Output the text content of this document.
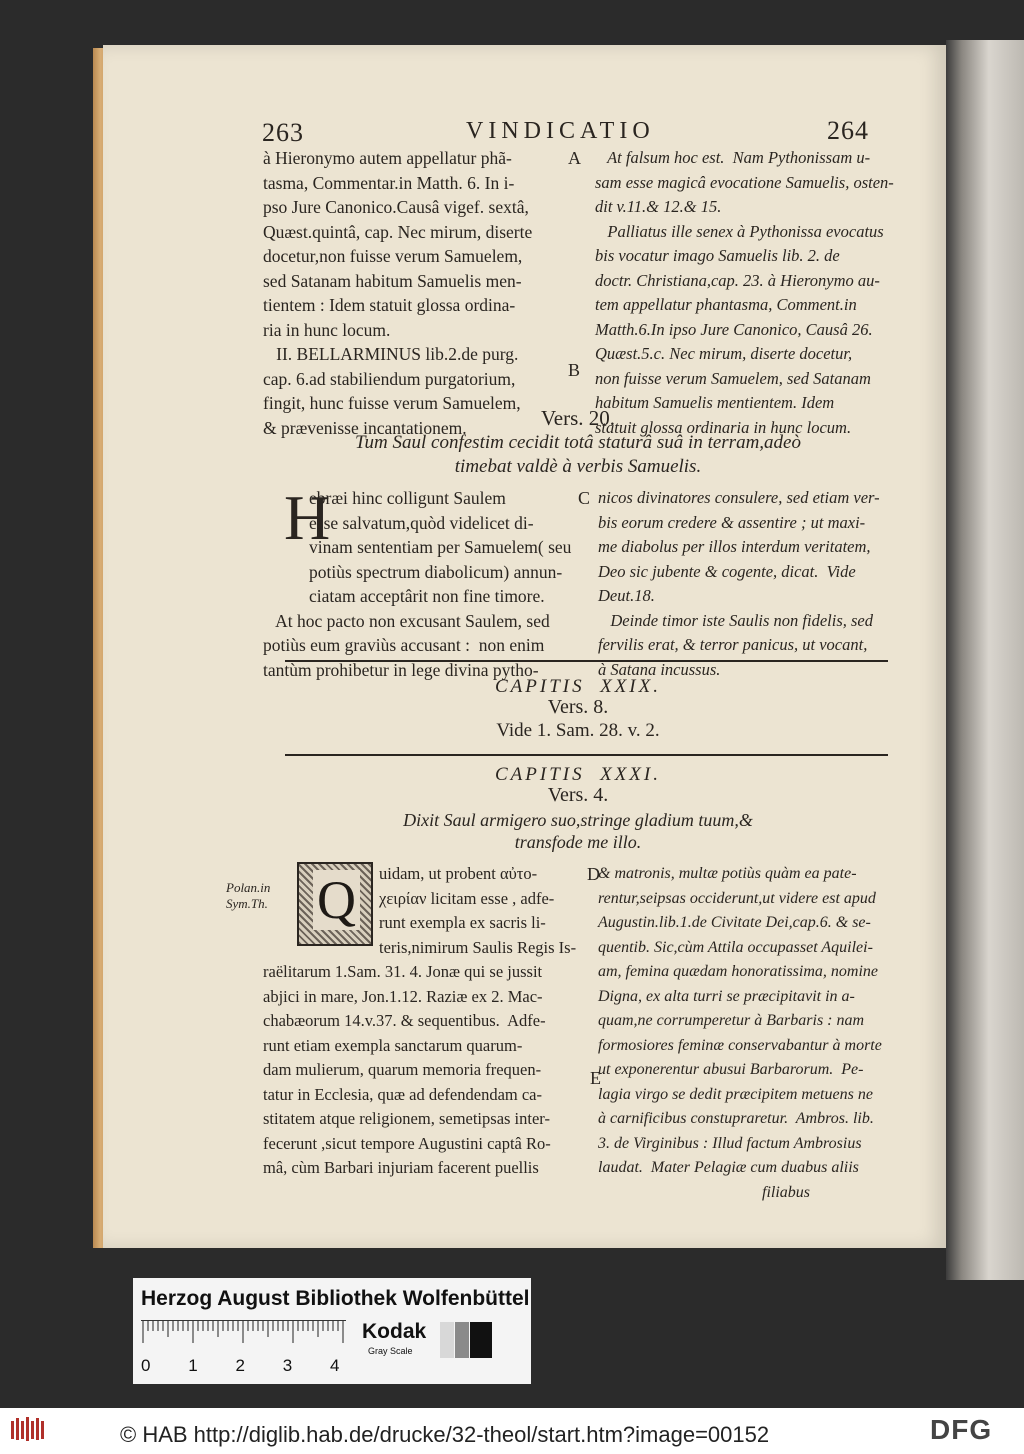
263	VINDICATIO	264
à Hieronymo autem appellatur phã-
tasma, Commentar.in Matth. 6. In i-
pso Jure Canonico.Causâ vigef. sextâ,
Quæst.quintâ, cap. Nec mirum, diserte
docetur,non fuisse verum Samuelem,
sed Satanam habitum Samuelis men-
tientem : Idem statuit glossa ordina-
ria in hunc locum.
II. BELLARMINUS lib.2.de purg.
cap. 6.ad stabiliendum purgatorium,
fingit, hunc fuisse verum Samuelem,
& prævenisse incantationem.
At falsum hoc est.  Nam Pythonissam u-
sam esse magicâ evocatione Samuelis, osten-
dit v.11.& 12.& 15.
Palliatus ille senex à Pythonissa evocatus
bis vocatur imago Samuelis lib. 2. de
doctr. Christiana,cap. 23. à Hieronymo au-
tem appellatur phantasma, Comment.in
Matth.6.In ipso Jure Canonico, Causâ 26.
Quæst.5.c. Nec mirum, diserte docetur,
non fuisse verum Samuelem, sed Satanam
habitum Samuelis mentientem. Idem
statuit glossa ordinaria in hunc locum.
A
B
Vers. 20.
Tum Saul confestim cecidit totâ staturâ suâ in terram,adeò
timebat valdè à verbis Samuelis.
H
ebræi hinc colligunt Saulem
esse salvatum,quòd videlicet di-
vinam sententiam per Samuelem( seu
potiùs spectrum diabolicum) annun-
ciatam acceptârit non fine timore.
At hoc pacto non excusant Saulem, sed
potiùs eum graviùs accusant :  non enim
tantùm prohibetur in lege divina pytho-
nicos divinatores consulere, sed etiam ver-
bis eorum credere & assentire ; ut maxi-
me diabolus per illos interdum veritatem,
Deo sic jubente & cogente, dicat.  Vide
Deut.18.
Deinde timor iste Saulis non fidelis, sed
fervilis erat, & terror panicus, ut vocant,
à Satana incussus.
C
CAPITIS  XXIX.
Vers. 8.
Vide 1. Sam. 28. v. 2.
CAPITIS  XXXI.
Vers. 4.
Dixit Saul armigero suo,stringe gladium tuum,&
transfode me illo.
Polan.in
Sym.Th. Q	uidam, ut probent αὐτο-
χειρίαν licitam esse , adfe-
runt exempla ex sacris li-
teris,nimirum Saulis Regis Is-
raëlitarum 1.Sam. 31. 4. Jonæ qui se jussit
abjici in mare, Jon.1.12. Raziæ ex 2. Mac-
chabæorum 14.v.37. & sequentibus.  Adfe-
runt etiam exempla sanctarum quarum-
dam mulierum, quarum memoria frequen-
tatur in Ecclesia, quæ ad defendendam ca-
stitatem atque religionem, semetipsas inter-
fecerunt ,sicut tempore Augustini captâ Ro-
mâ, cùm Barbari injuriam facerent puellis
& matronis, multæ potiùs quàm ea pate-
rentur,seipsas occiderunt,ut videre est apud
Augustin.lib.1.de Civitate Dei,cap.6. & se-
quentib. Sic,cùm Attila occupasset Aquilei-
am, femina quædam honoratissima, nomine
Digna, ex alta turri se præcipitavit in a-
quam,ne corrumperetur à Barbaris : nam
formosiores feminæ conservabantur à morte
ut exponerentur abusui Barbarorum.  Pe-
lagia virgo se dedit præcipitem metuens ne
à carnificibus constupraretur.  Ambros. lib.
3. de Virginibus : Illud factum Ambrosius
laudat.  Mater Pelagiæ cum duabus aliis
filiabus
D
E
Herzog August Bibliothek Wolfenbüttel
0        1        2        3        4
Kodak
Gray Scale
© HAB http://diglib.hab.de/drucke/32-theol/start.htm?image=00152	DFG
